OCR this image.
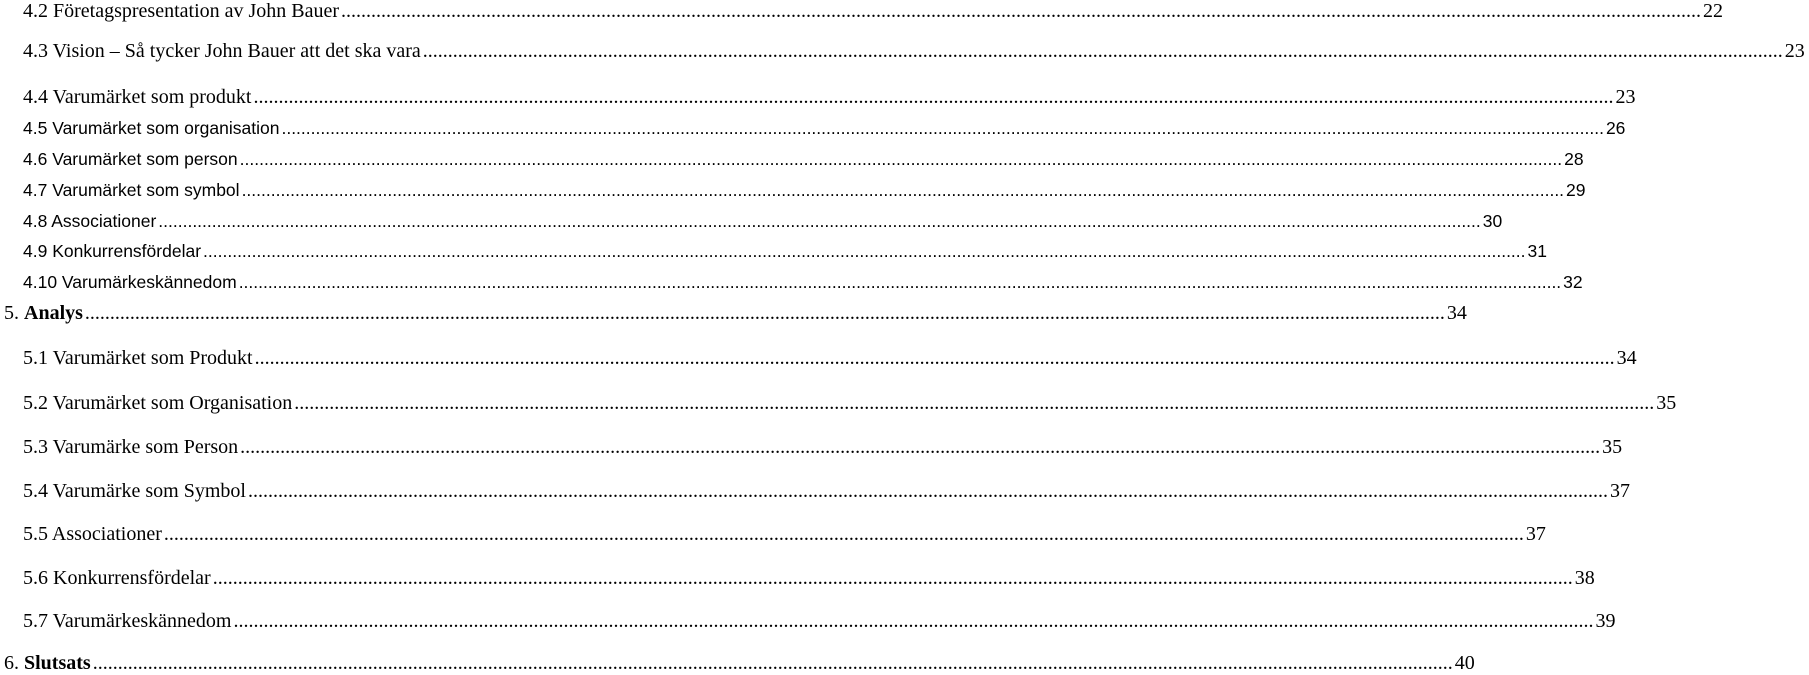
4.2 Företagspresentation av John Bauer .....	22
4.3 Vision – Så tycker John Bauer att det ska vara .....	23
4.4 Varumärket som produkt .....	23
4.5 Varumärket som organisation .....	26
4.6 Varumärket som person .....	28
4.7 Varumärket som symbol .....	29
4.8 Associationer .....	30
4.9 Konkurrensfördelar .....	31
4.10 Varumärkeskännedom .....	32
5. Analys .....	34
5.1 Varumärket som Produkt .....	34
5.2 Varumärket som Organisation .....	35
5.3 Varumärke som Person .....	35
5.4 Varumärke som Symbol .....	37
5.5 Associationer .....	37
5.6 Konkurrensfördelar .....	38
5.7 Varumärkeskännedom .....	39
6. Slutsats .....	40
